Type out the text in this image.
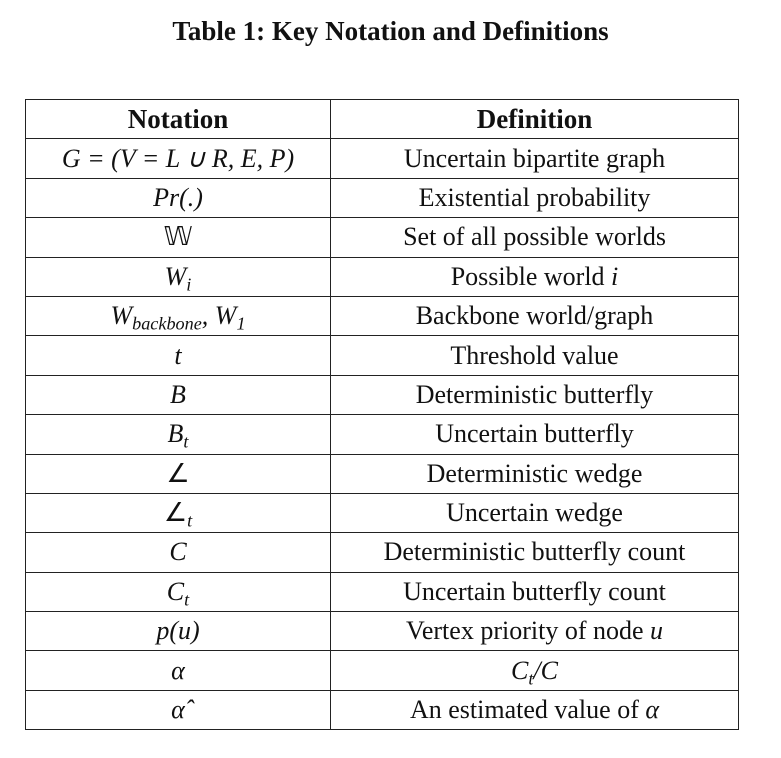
Table 1: Key Notation and Definitions
Notation	Definition
G = (V = L ∪ R, E, P)	Uncertain bipartite graph
Pr(.)	Existential probability
𝕎	Set of all possible worlds
$W_i$	Possible world i
$W_{backbone}$, $W_1$	Backbone world/graph
t	Threshold value
B	Deterministic butterfly
$B_t$	Uncertain butterfly
∠	Deterministic wedge
$\angle_t$	Uncertain wedge
C	Deterministic butterfly count
$C_t$	Uncertain butterfly count
p(u)	Vertex priority of node u
α	$C_t/C$
α̂	An estimated value of α
